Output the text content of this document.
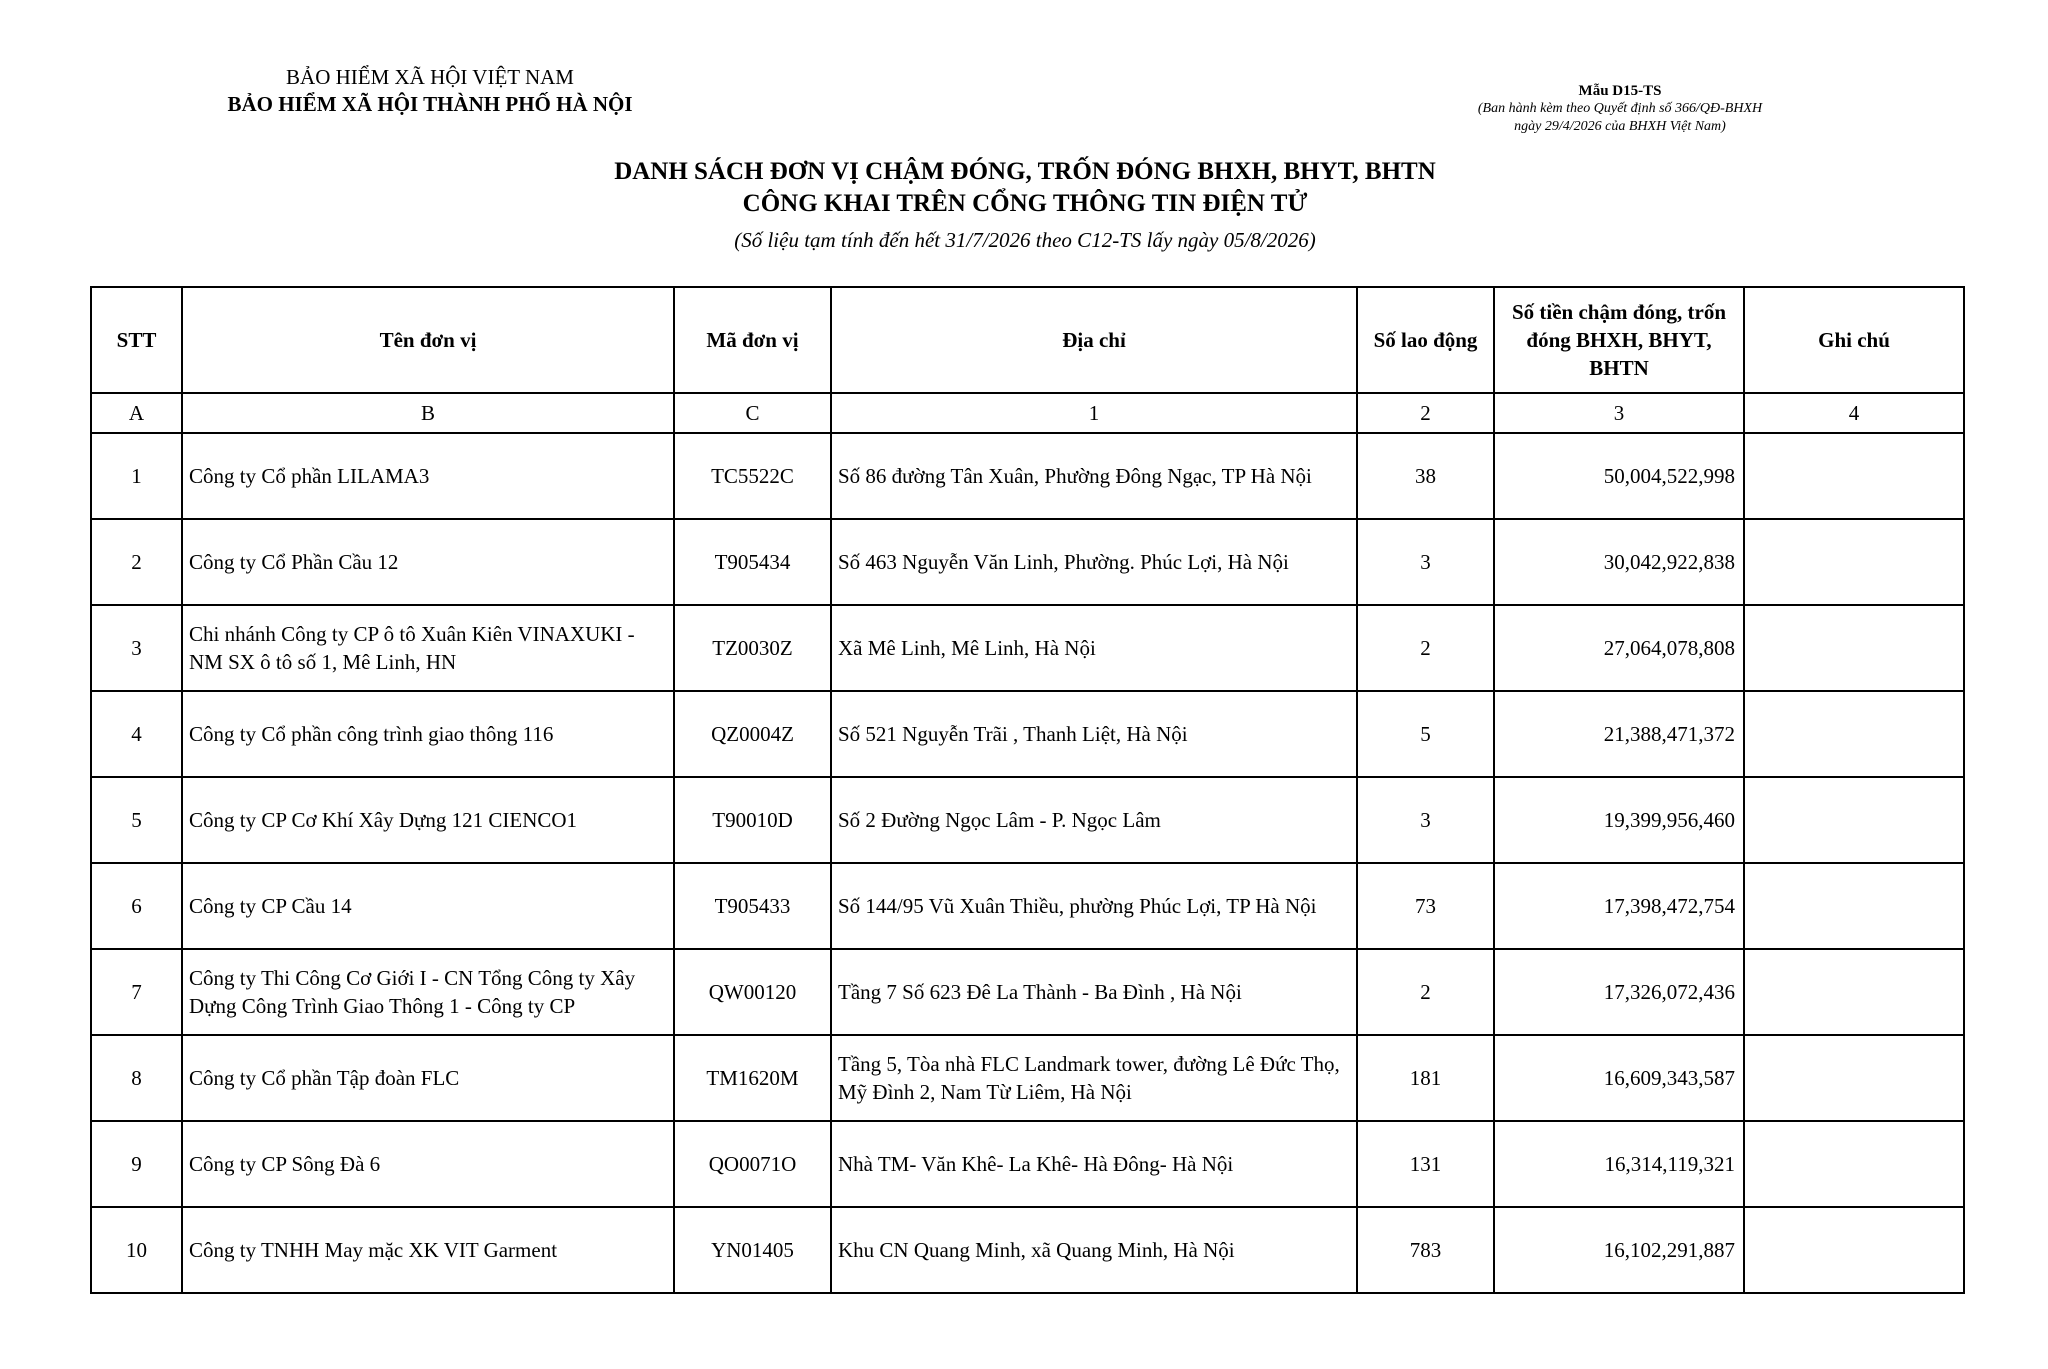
BẢO HIỂM XÃ HỘI VIỆT NAM
BẢO HIỂM XÃ HỘI THÀNH PHỐ HÀ NỘI
Mẫu D15-TS
(Ban hành kèm theo Quyết định số 366/QĐ-BHXH
ngày 29/4/2026 của BHXH Việt Nam)
DANH SÁCH ĐƠN VỊ CHẬM ĐÓNG, TRỐN ĐÓNG BHXH, BHYT, BHTN
CÔNG KHAI TRÊN CỔNG THÔNG TIN ĐIỆN TỬ
(Số liệu tạm tính đến hết 31/7/2026 theo C12-TS lấy ngày 05/8/2026)
STT	Tên đơn vị	Mã đơn vị	Địa chỉ	Số lao động	Số tiền chậm đóng, trốn đóng BHXH, BHYT, BHTN	Ghi chú
A	B	C	1	2	3	4
1	Công ty Cổ phần LILAMA3	TC5522C	Số 86 đường Tân Xuân, Phường Đông Ngạc, TP Hà Nội	38	50,004,522,998	
2	Công ty Cổ Phần Cầu 12	T905434	Số 463 Nguyễn Văn Linh, Phường. Phúc Lợi, Hà Nội	3	30,042,922,838	
3	Chi nhánh Công ty CP ô tô Xuân Kiên VINAXUKI - NM SX ô tô số 1, Mê Linh, HN	TZ0030Z	Xã Mê Linh, Mê Linh, Hà Nội	2	27,064,078,808	
4	Công ty Cổ phần công trình giao thông 116	QZ0004Z	Số 521 Nguyễn Trãi , Thanh Liệt, Hà Nội	5	21,388,471,372	
5	Công ty CP Cơ Khí Xây Dựng 121 CIENCO1	T90010D	Số 2 Đường Ngọc Lâm - P. Ngọc Lâm	3	19,399,956,460	
6	Công ty CP Cầu 14	T905433	Số 144/95 Vũ Xuân Thiều, phường Phúc Lợi, TP Hà Nội	73	17,398,472,754	
7	Công ty Thi Công Cơ Giới I - CN Tổng Công ty Xây Dựng Công Trình Giao Thông 1 - Công ty CP	QW00120	Tầng 7 Số 623 Đê La Thành - Ba Đình , Hà Nội	2	17,326,072,436	
8	Công ty Cổ phần Tập đoàn FLC	TM1620M	Tầng 5, Tòa nhà FLC Landmark tower, đường Lê Đức Thọ, Mỹ Đình 2, Nam Từ Liêm, Hà Nội	181	16,609,343,587	
9	Công ty CP Sông Đà 6	QO0071O	Nhà TM- Văn Khê- La Khê- Hà Đông- Hà Nội	131	16,314,119,321	
10	Công ty TNHH May mặc XK VIT Garment	YN01405	Khu CN Quang Minh, xã Quang Minh, Hà Nội	783	16,102,291,887	
